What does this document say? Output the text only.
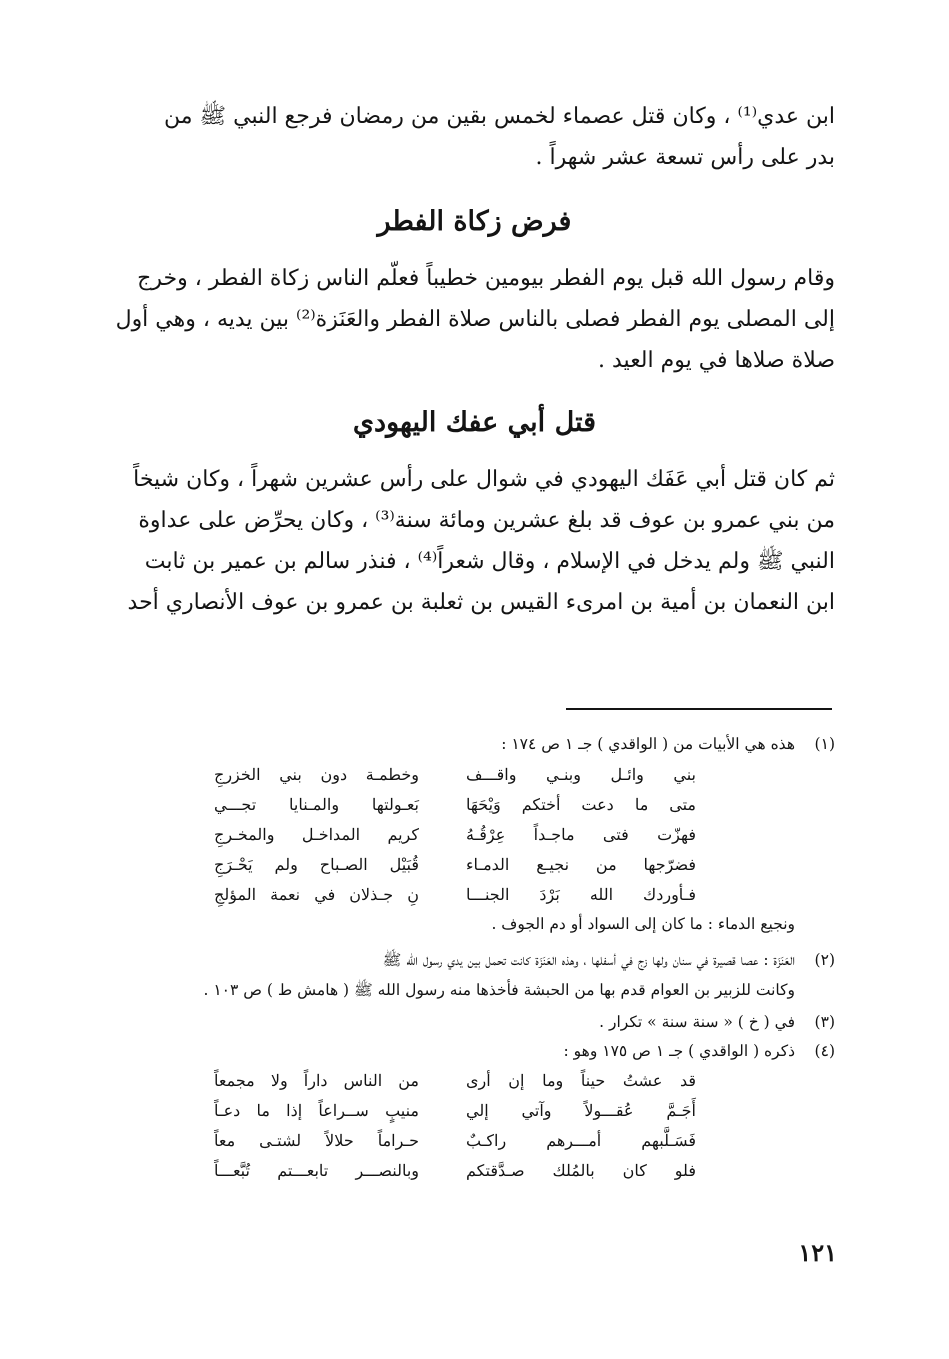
ابن عدي⁽¹⁾ ، وكان قتل عصماء لخمس بقين من رمضان فرجع النبي ﷺ من
بدر على رأس تسعة عشر شهراً .
فرض زكاة الفطر
وقام رسول الله قبل يوم الفطر بيومين خطيباً فعلّم الناس زكاة الفطر ، وخرج
إلى المصلى يوم الفطر فصلى بالناس صلاة الفطر والعَنَزة⁽²⁾ بين يديه ، وهي أول
صلاة صلاها في يوم العيد .
قتل أبي عفك اليهودي
ثم كان قتل أبي عَفَك اليهودي في شوال على رأس عشرين شهراً ، وكان شيخاً
من بني عمرو بن عوف قد بلغ عشرين ومائة سنة⁽³⁾ ، وكان يحرِّض على عداوة
النبي ﷺ ولم يدخل في الإسلام ، وقال شعراً⁽⁴⁾ ، فنذر سالم بن عمير بن ثابت
ابن النعمان بن أمية بن امرىء القيس بن ثعلبة بن عمرو بن عوف الأنصاري أحد
(١)هذه هي الأبيات من ( الواقدي ) جـ ١ ص ١٧٤ :
بني وائـل وبنـي واقـــف
وخطمـة دون بني الخزرجِ
متى ما دعت أختكم وَيْحَهَا
بَعـولتها والمـنايا تجـــي
فهزّت فتى ماجـداً عِرْقُـهُ
كريم المداخـل والمخـرجِ
فضرّجها من نجيـع الدمـاء
قُبَيْل الصـباح ولم يَحْـرَجِ
فـأوردك الله بَرْدَ الجنـــا
نِ جـذلان في نعمة المؤلجِ
ونجيع الدماء : ما كان إلى السواد أو دم الجوف .
(٢)العَنَزَة : عصا قصيرة في سنان ولها زج في أسفلها ، وهذه العَنَزَة كانت تحمل بين يدي رسول الله ﷺ
وكانت للزبير بن العوام قدم بها من الحبشة فأخذها منه رسول الله ﷺ ( هامش ط ) ص ١٠٣ .
(٣)في ( خ ) « سنة سنة » تكرار .
(٤)ذكره ( الواقدي ) جـ ١ ص ١٧٥ وهو :
قد عشتُ حيناً وما إن أرى
من الناس داراً ولا مجمعاً
أَجَـمَّ عُقـــولاً وآتي إلي
منيبٍ ســراعاً إذا ما دعـاً
فَسَـلَّبهم أمـــرهم راكـبٌ
حـراماً حلالاً لشتـى معاً
فلو كان بالمُلك صـدَّقتكم
وبالنصـــر تابعـــتم تُبَّعـــاً
١٢١
